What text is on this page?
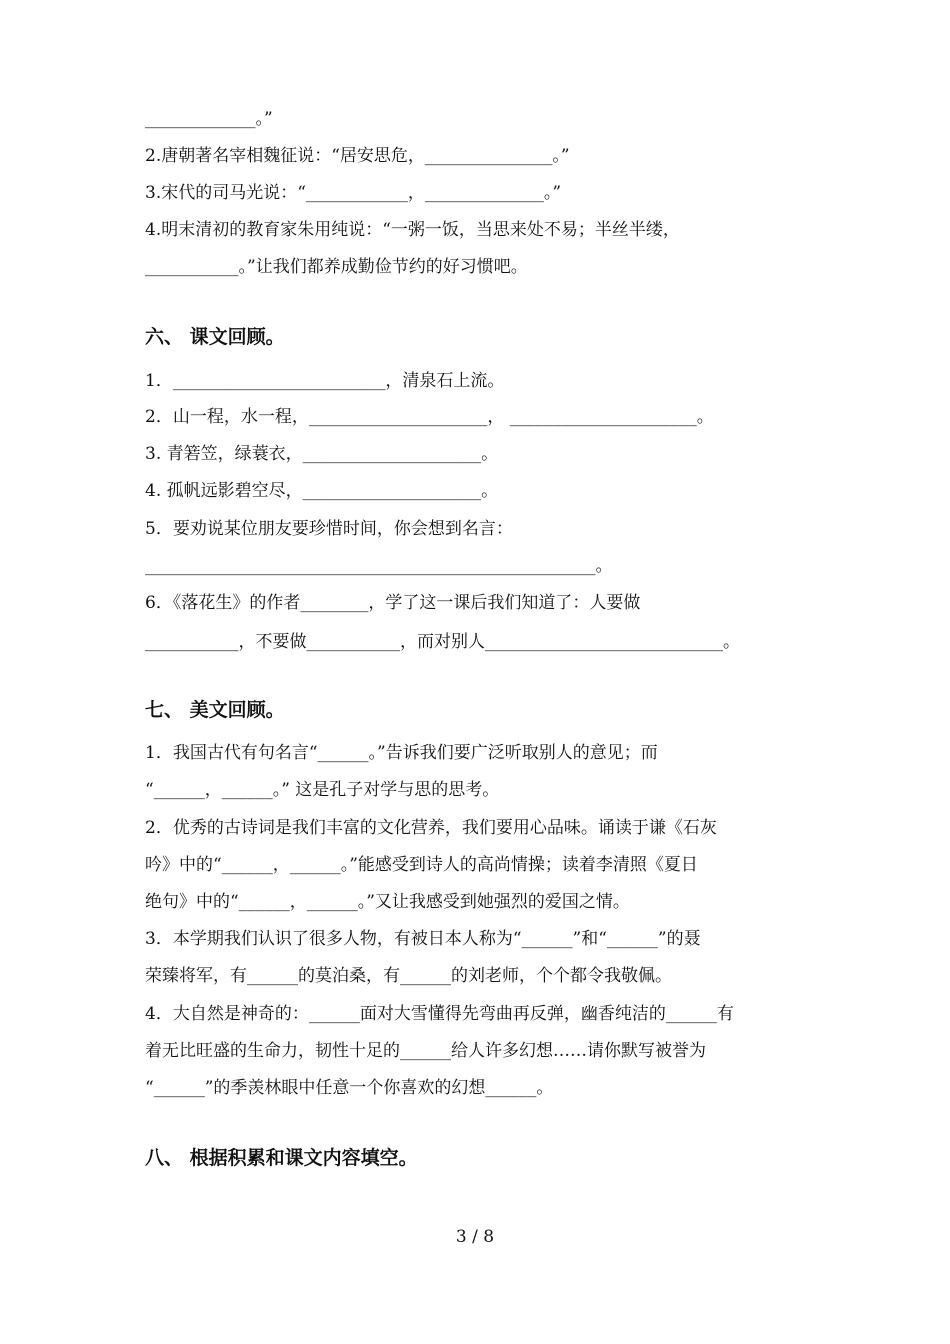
_____________。”
2.唐朝著名宰相魏征说：“居安思危，_______________。”
3.宋代的司马光说：“____________，______________。”
4.明末清初的教育家朱用纯说：“一粥一饭，当思来处不易；半丝半缕，
___________。”让我们都养成勤俭节约的好习惯吧。
六、 课文回顾。
1．_________________________，清泉石上流。
2．山一程，水一程，_____________________， ______________________。
3. 青箬笠，绿蓑衣，_____________________。
4. 孤帆远影碧空尽，_____________________。
5．要劝说某位朋友要珍惜时间，你会想到名言：
_____________________________________________________。
6．《落花生》的作者________，学了这一课后我们知道了：人要做
___________，不要做___________，而对别人____________________________。
七、 美文回顾。
1．我国古代有句名言“______。”告诉我们要广泛听取别人的意见；而
“______，______。” 这是孔子对学与思的思考。
2．优秀的古诗词是我们丰富的文化营养，我们要用心品味。诵读于谦《石灰
吟》中的“______，______。”能感受到诗人的高尚情操；读着李清照《夏日
绝句》中的“______，______。”又让我感受到她强烈的爱国之情。
3．本学期我们认识了很多人物，有被日本人称为“______”和“______”的聂
荣臻将军，有______的莫泊桑，有______的刘老师，个个都令我敬佩。
4．大自然是神奇的：______面对大雪懂得先弯曲再反弹，幽香纯洁的______有
着无比旺盛的生命力，韧性十足的______给人许多幻想……请你默写被誉为
“______”的季羡林眼中任意一个你喜欢的幻想______。
八、 根据积累和课文内容填空。
3 / 8
